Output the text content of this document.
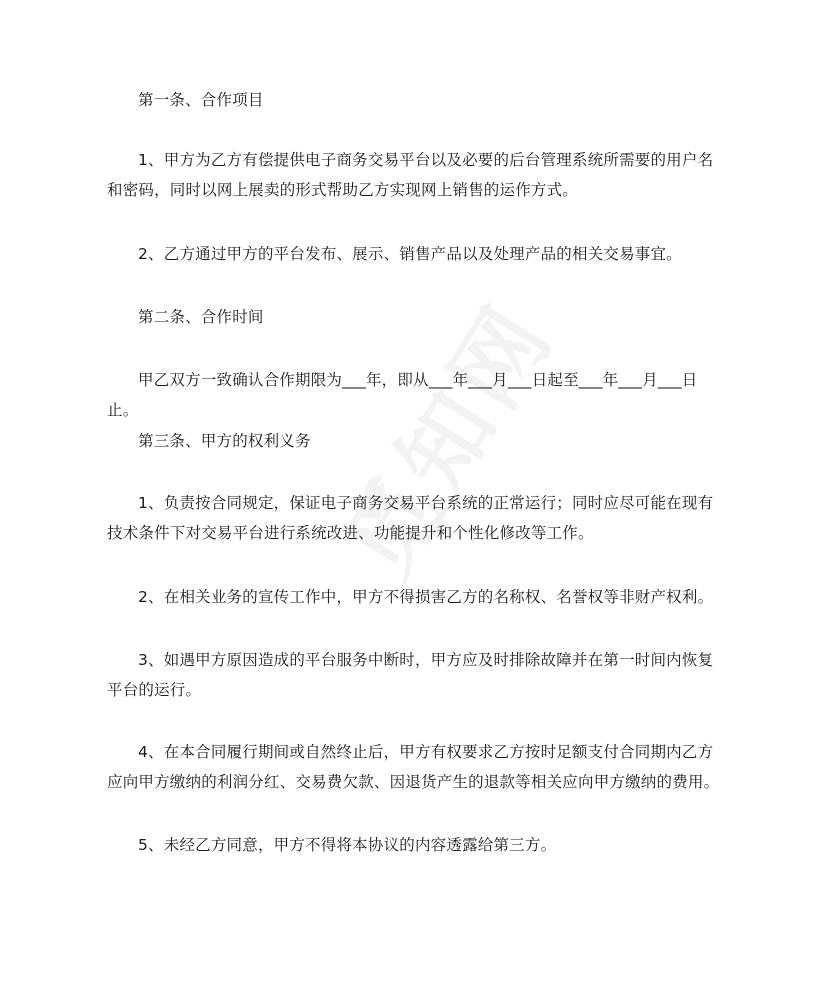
第一条、合作项目

1、甲方为乙方有偿提供电子商务交易平台以及必要的后台管理系统所需要的用户名和密码，同时以网上展卖的形式帮助乙方实现网上销售的运作方式。

2、乙方通过甲方的平台发布、展示、销售产品以及处理产品的相关交易事宜。

第二条、合作时间

甲乙双方一致确认合作期限为___年，即从___年___月___日起至___年___月___日止。

第三条、甲方的权利义务

1、负责按合同规定，保证电子商务交易平台系统的正常运行；同时应尽可能在现有技术条件下对交易平台进行系统改进、功能提升和个性化修改等工作。

2、在相关业务的宣传工作中，甲方不得损害乙方的名称权、名誉权等非财产权利。

3、如遇甲方原因造成的平台服务中断时，甲方应及时排除故障并在第一时间内恢复平台的运行。

4、在本合同履行期间或自然终止后，甲方有权要求乙方按时足额支付合同期内乙方应向甲方缴纳的利润分红、交易费欠款、因退货产生的退款等相关应向甲方缴纳的费用。

5、未经乙方同意，甲方不得将本协议的内容透露给第三方。
